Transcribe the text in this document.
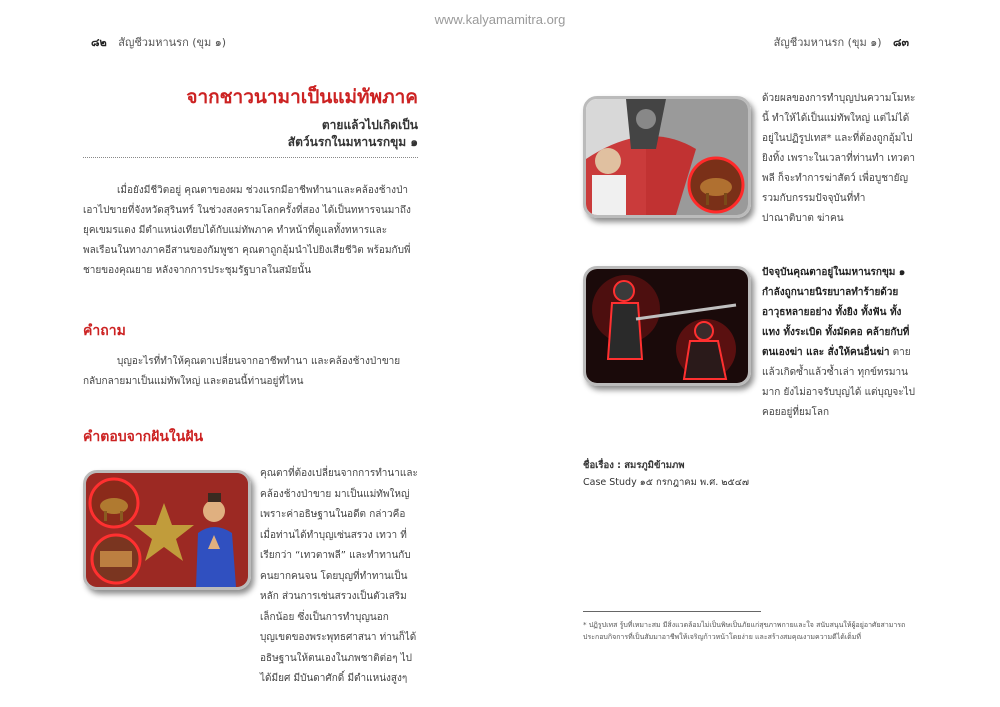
www.kalyamamitra.org
๘๒ สัญชีวมหานรก (ขุม ๑)	สัญชีวมหานรก (ขุม ๑) ๘๓
จากชาวนามาเป็นแม่ทัพภาค
ตายแล้วไปเกิดเป็น
สัตว์นรกในมหานรกขุม ๑

เมื่อยังมีชีวิตอยู่ คุณตาของผม ช่วงแรกมีอาชีพทำนาและคล้องช้างป่าเอาไปขายที่จังหวัดสุรินทร์ ในช่วงสงครามโลกครั้งที่สอง ได้เป็นทหารจนมาถึงยุคเขมรแดง มีตำแหน่งเทียบได้กับแม่ทัพภาค ทำหน้าที่ดูแลทั้งทหารและพลเรือนในทางภาคอีสานของกัมพูชา คุณตาถูกอุ้มนำไปยิงเสียชีวิต พร้อมกับพี่ชายของคุณยาย หลังจากการประชุมรัฐบาลในสมัยนั้น

คำถาม

บุญอะไรที่ทำให้คุณตาเปลี่ยนจากอาชีพทำนา และคล้องช้างป่าขายกลับกลายมาเป็นแม่ทัพใหญ่ และตอนนี้ท่านอยู่ที่ไหน

คำตอบจากฝันในฝัน
คุณตาที่ต้องเปลี่ยนจากการทำนาและคล้องช้างป่าขาย มาเป็นแม่ทัพใหญ่ เพราะค่าอธิษฐานในอดีต กล่าวคือเมื่อท่านได้ทำบุญเซ่นสรวง เทวา ที่เรียกว่า “เทวตาพลี” และทำทานกับคนยากคนจน โดยบุญที่ทำทานเป็นหลัก ส่วนการเซ่นสรวงเป็นตัวเสริมเล็กน้อย ซึ่งเป็นการทำบุญนอกบุญเขตของพระพุทธศาสนา ท่านก็ได้อธิษฐานให้ตนเองในภพชาติต่อๆ ไป ได้มียศ มีบันดาศักดิ์ มีตำแหน่งสูงๆ
ด้วยผลของการทำบุญปนความโมหะนี้ ทำให้ได้เป็นแม่ทัพใหญ่ แต่ไม่ได้อยู่ในปฏิรูปเทส* และที่ต้องถูกอุ้มไปยิงทิ้ง เพราะในเวลาที่ท่านทำ เทวตาพลี ก็จะทำการฆ่าสัตว์ เพื่อบูชายัญรวมกับกรรมปัจจุบันที่ทำปาณาติบาต ฆ่าคน
ปัจจุบันคุณตาอยู่ในมหานรกขุม ๑ กำลังถูกนายนิรยบาลทำร้ายด้วยอาวุธหลายอย่าง ทั้งยิง ทั้งฟัน ทั้งแทง ทั้งระเบิด ทั้งมัดคอ คล้ายกับที่ตนเองฆ่า และ สั่งให้คนอื่นฆ่า ตายแล้วเกิดซ้ำแล้วซ้ำเล่า ทุกข์ทรมานมาก ยังไม่อาจรับบุญได้ แต่บุญจะไปคอยอยู่ที่ยมโลก
ชื่อเรื่อง : สมรภูมิข้ามภพ
Case Study ๑๕ กรกฎาคม พ.ศ. ๒๕๔๗
* ปฏิรูปเทส รู้บที่เหมาะสม มีสิ่งแวดล้อมไม่เป็นพิษเป็นภัยแก่สุขภาพกายและใจ สนับสนุนให้ผู้อยู่อาศัยสามารถประกอบกิจการที่เป็นสัมมาอาชีพให้เจริญก้าวหน้าโดยง่าย และสร้างสมคุณงามความดีได้เต็มที่
